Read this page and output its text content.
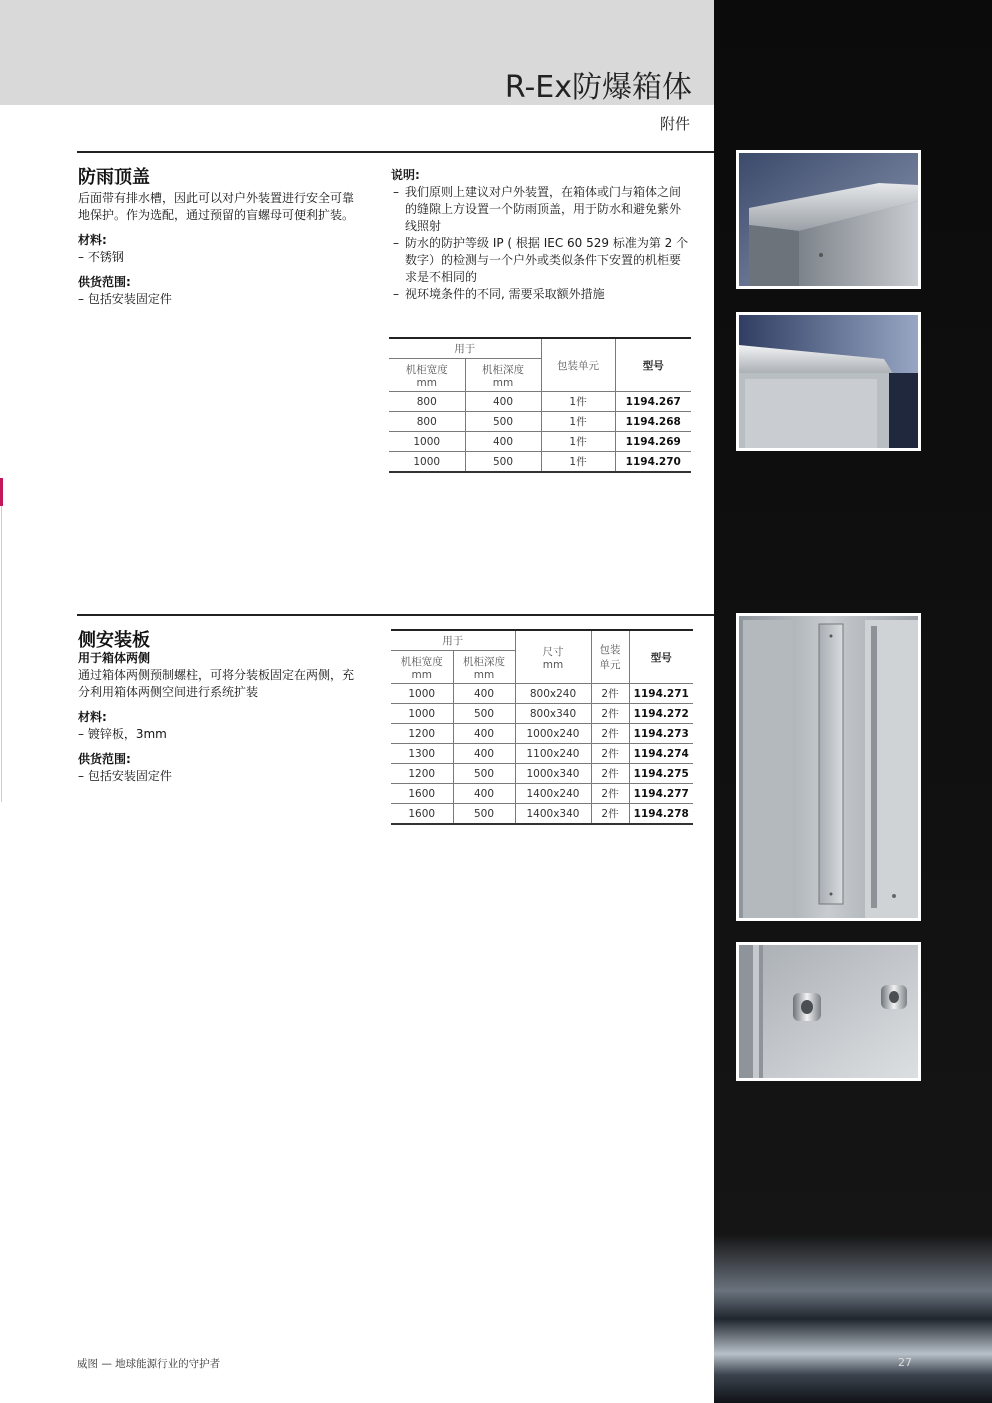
R-Ex防爆箱体
附件
防雨顶盖

后面带有排水槽，因此可以对户外装置进行安全可靠地保护。作为选配，通过预留的盲螺母可便利扩装。

材料:

– 不锈钢

供货范围:

– 包括安装固定件

说明:
– 我们原则上建议对户外装置，在箱体或门与箱体之间的缝隙上方设置一个防雨顶盖，用于防水和避免紫外线照射
– 防水的防护等级 IP ( 根据 IEC 60 529 标准为第 2 个数字）的检测与一个户外或类似条件下安置的机柜要求是不相同的
– 视环境条件的不同, 需要采取额外措施
用于		包装单元	型号
机柜宽度
mm	机柜深度
mm		
800	400	1件	1194.267
800	500	1件	1194.268
1000	400	1件	1194.269
1000	500	1件	1194.270
侧安装板

用于箱体两侧

通过箱体两侧预制螺柱，可将分装板固定在两侧，充分利用箱体两侧空间进行系统扩装

材料:

– 镀锌板，3mm

供货范围:

– 包括安装固定件

用于		尺寸
mm	包装
单元	型号
机柜宽度
mm	机柜深度
mm			
1000	400	800x240	2件	1194.271
1000	500	800x340	2件	1194.272
1200	400	1000x240	2件	1194.273
1300	400	1100x240	2件	1194.274
1200	500	1000x340	2件	1194.275
1600	400	1400x240	2件	1194.277
1600	500	1400x340	2件	1194.278
威图 — 地球能源行业的守护者	27
